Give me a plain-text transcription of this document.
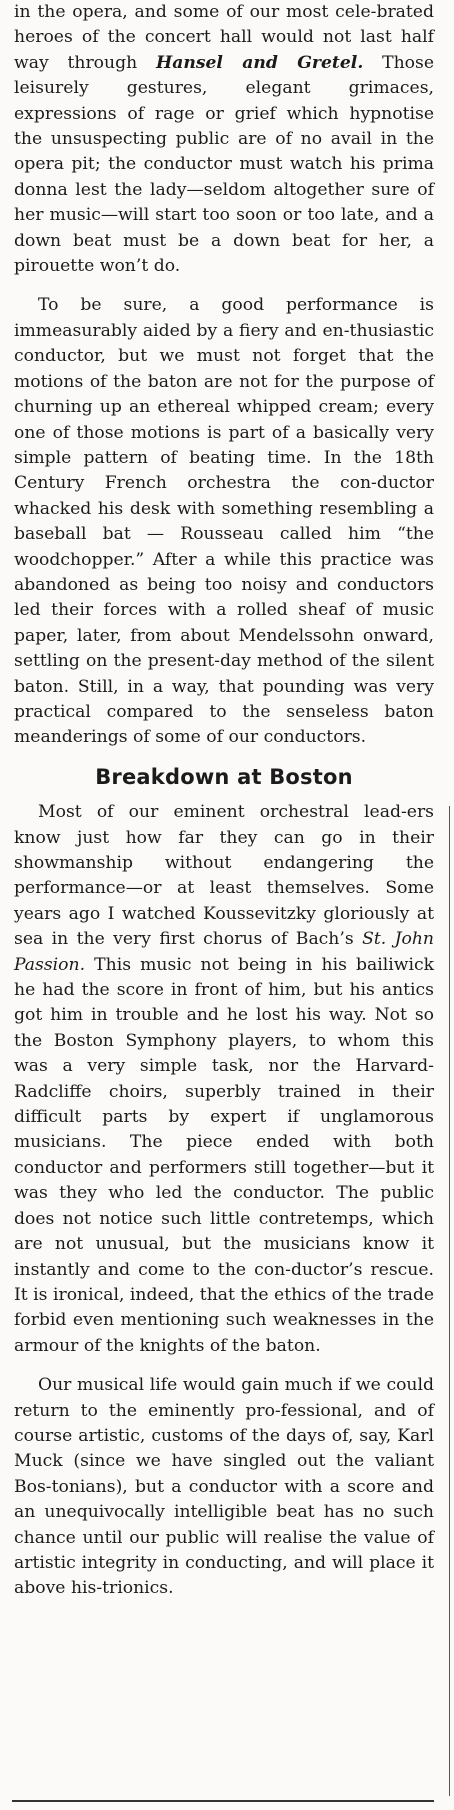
in the opera, and some of our most cele-brated heroes of the concert hall would not last half way through Hansel and Gretel. Those leisurely gestures, elegant grimaces, expressions of rage or grief which hypnotise the unsuspecting public are of no avail in the opera pit; the conductor must watch his prima donna lest the lady—seldom altogether sure of her music—will start too soon or too late, and a down beat must be a down beat for her, a pirouette won’t do.

To be sure, a good performance is immeasurably aided by a fiery and en-thusiastic conductor, but we must not forget that the motions of the baton are not for the purpose of churning up an ethereal whipped cream; every one of those motions is part of a basically very simple pattern of beating time. In the 18th Century French orchestra the con-ductor whacked his desk with something resembling a baseball bat — Rousseau called him “the woodchopper.” After a while this practice was abandoned as being too noisy and conductors led their forces with a rolled sheaf of music paper, later, from about Mendelssohn onward, settling on the present-day method of the silent baton. Still, in a way, that pounding was very practical compared to the senseless baton meanderings of some of our conductors.

Breakdown at Boston

Most of our eminent orchestral lead-ers know just how far they can go in their showmanship without endangering the performance—or at least themselves. Some years ago I watched Koussevitzky gloriously at sea in the very first chorus of Bach’s St. John Passion. This music not being in his bailiwick he had the score in front of him, but his antics got him in trouble and he lost his way. Not so the Boston Symphony players, to whom this was a very simple task, nor the Harvard-Radcliffe choirs, superbly trained in their difficult parts by expert if unglamorous musicians. The piece ended with both conductor and performers still together—but it was they who led the conductor. The public does not notice such little contretemps, which are not unusual, but the musicians know it instantly and come to the con-ductor’s rescue. It is ironical, indeed, that the ethics of the trade forbid even mentioning such weaknesses in the armour of the knights of the baton.

Our musical life would gain much if we could return to the eminently pro-fessional, and of course artistic, customs of the days of, say, Karl Muck (since we have singled out the valiant Bos-tonians), but a conductor with a score and an unequivocally intelligible beat has no such chance until our public will realise the value of artistic integrity in conducting, and will place it above his-trionics.
